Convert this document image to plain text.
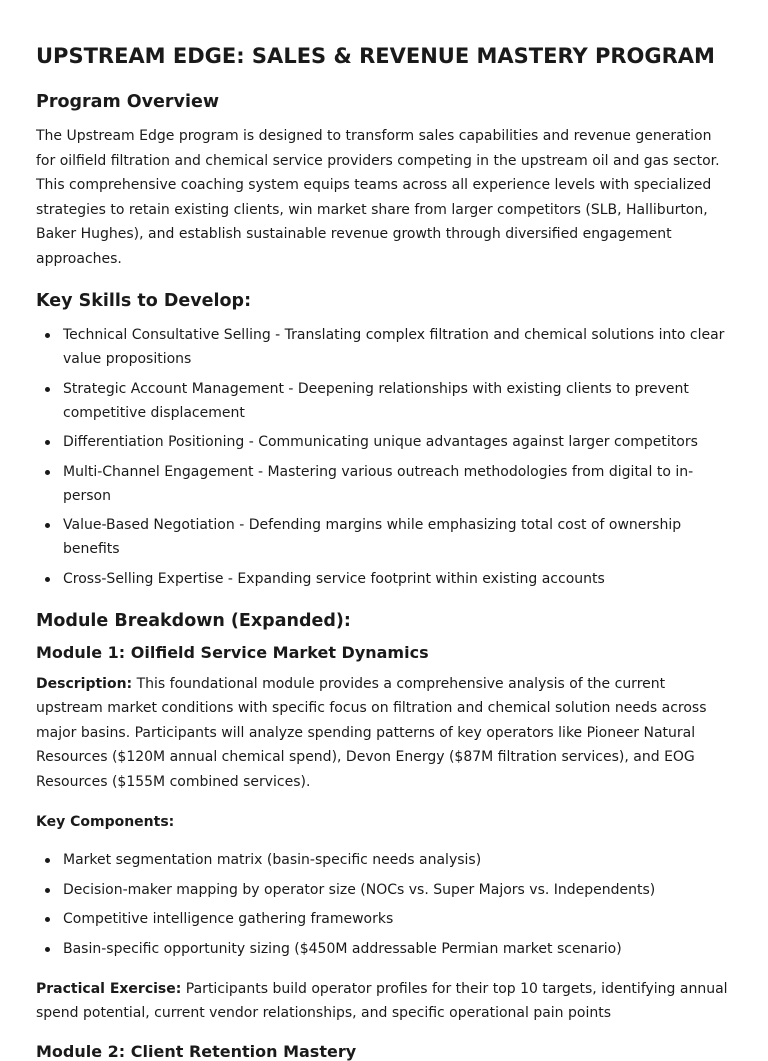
UPSTREAM EDGE: SALES & REVENUE MASTERY PROGRAM
Program Overview

The Upstream Edge program is designed to transform sales capabilities and revenue generation for oilfield filtration and chemical service providers competing in the upstream oil and gas sector. This comprehensive coaching system equips teams across all experience levels with specialized strategies to retain existing clients, win market share from larger competitors (SLB, Halliburton, Baker Hughes), and establish sustainable revenue growth through diversified engagement approaches.

Key Skills to Develop:
Technical Consultative Selling - Translating complex filtration and chemical solutions into clear value propositions
Strategic Account Management - Deepening relationships with existing clients to prevent competitive displacement
Differentiation Positioning - Communicating unique advantages against larger competitors
Multi-Channel Engagement - Mastering various outreach methodologies from digital to in-person
Value-Based Negotiation - Defending margins while emphasizing total cost of ownership benefits
Cross-Selling Expertise - Expanding service footprint within existing accounts
Module Breakdown (Expanded):
Module 1: Oilfield Service Market Dynamics

Description: This foundational module provides a comprehensive analysis of the current upstream market conditions with specific focus on filtration and chemical solution needs across major basins. Participants will analyze spending patterns of key operators like Pioneer Natural Resources ($120M annual chemical spend), Devon Energy ($87M filtration services), and EOG Resources ($155M combined services).

Key Components:
Market segmentation matrix (basin-specific needs analysis)
Decision-maker mapping by operator size (NOCs vs. Super Majors vs. Independents)
Competitive intelligence gathering frameworks
Basin-specific opportunity sizing ($450M addressable Permian market scenario)

Practical Exercise: Participants build operator profiles for their top 10 targets, identifying annual spend potential, current vendor relationships, and specific operational pain points

Module 2: Client Retention Mastery
